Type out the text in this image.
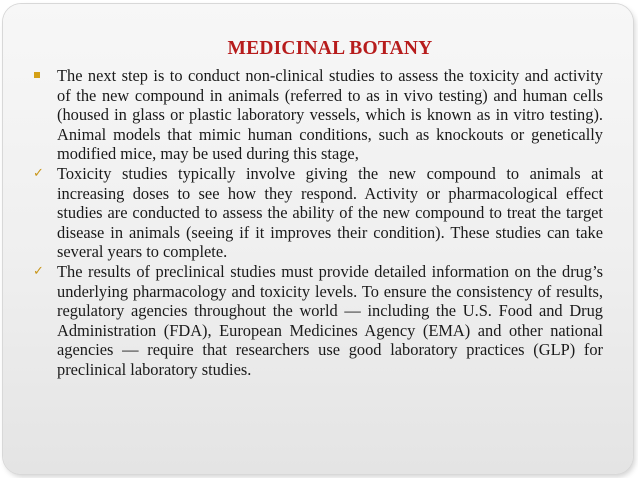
MEDICINAL BOTANY
The next step is to conduct non-clinical studies to assess the toxicity and activity of the new compound in animals (referred to as in vivo testing) and human cells (housed in glass or plastic laboratory vessels, which is known as in vitro testing). Animal models that mimic human conditions, such as knockouts or genetically modified mice, may be used during this stage,
✓ Toxicity studies typically involve giving the new compound to animals at increasing doses to see how they respond. Activity or pharmacological effect studies are conducted to assess the ability of the new compound to treat the target disease in animals (seeing if it improves their condition). These studies can take several years to complete.
✓ The results of preclinical studies must provide detailed information on the drug’s underlying pharmacology and toxicity levels. To ensure the consistency of results, regulatory agencies throughout the world — including the U.S. Food and Drug Administration (FDA), European Medicines Agency (EMA) and other national agencies — require that researchers use good laboratory practices (GLP) for preclinical laboratory studies.
